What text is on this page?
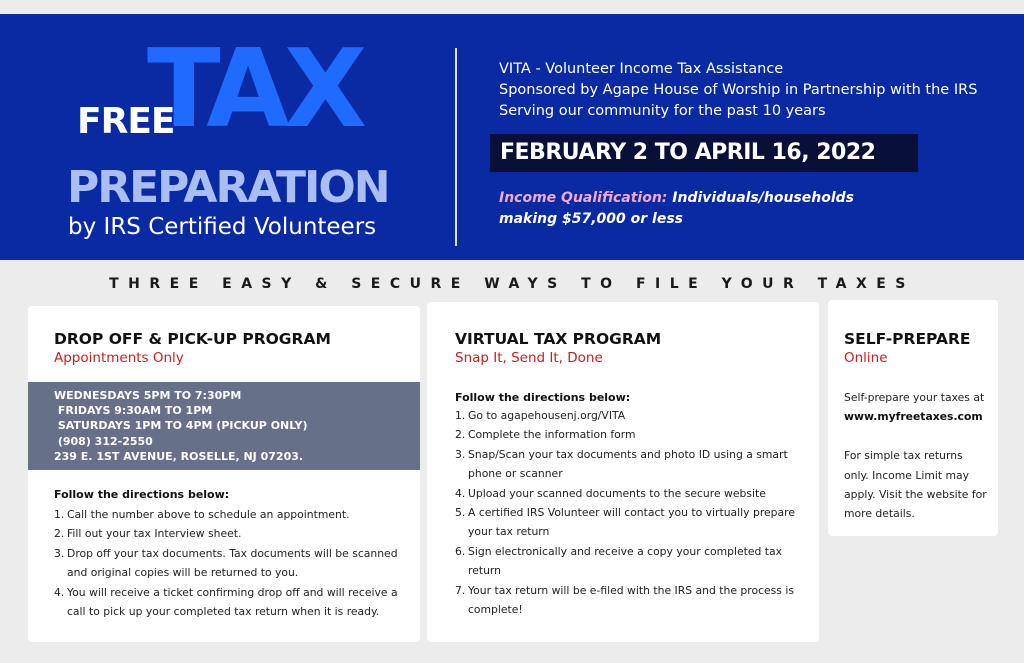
TAX
FREE
PREPARATION
by IRS Certified Volunteers
VITA - Volunteer Income Tax Assistance
Sponsored by Agape House of Worship in Partnership with the IRS
Serving our community for the past 10 years
FEBRUARY 2 TO APRIL 16, 2022
Income Qualification: Individuals/households making $57,000 or less
THREE EASY & SECURE WAYS TO FILE YOUR TAXES
DROP OFF & PICK-UP PROGRAM
Appointments Only
WEDNESDAYS 5PM TO 7:30PM
FRIDAYS 9:30AM TO 1PM
SATURDAYS 1PM TO 4PM (PICKUP ONLY)
(908) 312-2550
239 E. 1ST AVENUE, ROSELLE, NJ 07203.
Follow the directions below:
1. Call the number above to schedule an appointment.
2. Fill out your tax Interview sheet.
3. Drop off your tax documents. Tax documents will be scanned and original copies will be returned to you.
4. You will receive a ticket confirming drop off and will receive a call to pick up your completed tax return when it is ready.
VIRTUAL TAX PROGRAM
Snap It, Send It, Done
Follow the directions below:
1. Go to agapehousenj.org/VITA
2. Complete the information form
3. Snap/Scan your tax documents and photo ID using a smart phone or scanner
4. Upload your scanned documents to the secure website
5. A certified IRS Volunteer will contact you to virtually prepare your tax return
6. Sign electronically and receive a copy your completed tax return
7. Your tax return will be e-filed with the IRS and the process is complete!
SELF-PREPARE
Online

Self-prepare your taxes at
www.myfreetaxes.com

For simple tax returns only. Income Limit may apply. Visit the website for more details.
